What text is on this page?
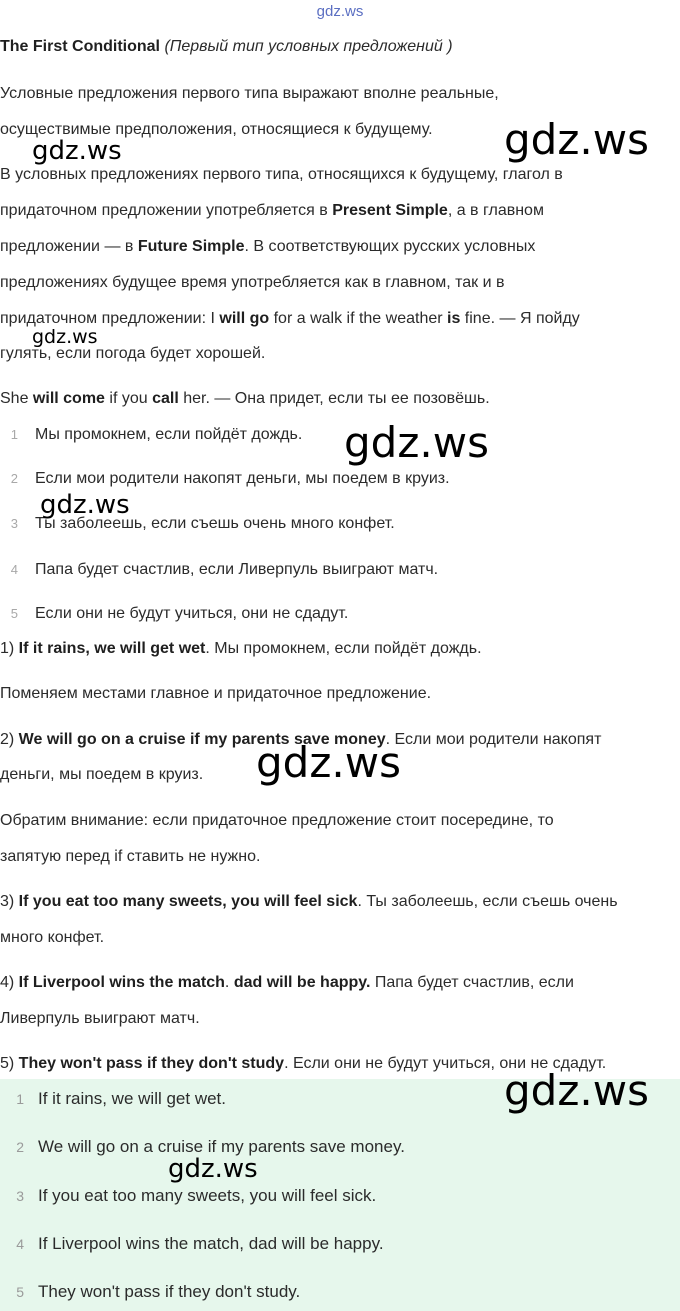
gdz.ws
The First Conditional (Первый тип условных предложений )
Условные предложения первого типа выражают вполне реальные,
осуществимые предположения, относящиеся к будущему.
В условных предложениях первого типа, относящихся к будущему, глагол в
придаточном предложении употребляется в Present Simple, а в главном
предложении — в Future Simple. В соответствующих русских условных
предложениях будущее время употребляется как в главном, так и в
придаточном предложении: I will go for a walk if the weather is fine. — Я пойду
гулять, если погода будет хорошей.
She will come if you call her. — Она придет, если ты ее позовёшь.
1 Мы промокнем, если пойдёт дождь.
2 Если мои родители накопят деньги, мы поедем в круиз.
3 Ты заболеешь, если съешь очень много конфет.
4 Папа будет счастлив, если Ливерпуль выиграют матч.
5 Если они не будут учиться, они не сдадут.
1) If it rains, we will get wet. Мы промокнем, если пойдёт дождь.
Поменяем местами главное и придаточное предложение.
2) We will go on a cruise if my parents save money. Если мои родители накопят
деньги, мы поедем в круиз.
Обратим внимание: если придаточное предложение стоит посередине, то
запятую перед if ставить не нужно.
3) If you eat too many sweets, you will feel sick. Ты заболеешь, если съешь очень
много конфет.
4) If Liverpool wins the match. dad will be happy. Папа будет счастлив, если
Ливерпуль выиграют матч.
5) They won't pass if they don't study. Если они не будут учиться, они не сдадут.
1 If it rains, we will get wet.
2 We will go on a cruise if my parents save money.
3 If you eat too many sweets, you will feel sick.
4 If Liverpool wins the match, dad will be happy.
5 They won't pass if they don't study.
gdz.ws
gdz.ws
gdz.ws
gdz.ws
gdz.ws
gdz.ws
gdz.ws
gdz.ws
